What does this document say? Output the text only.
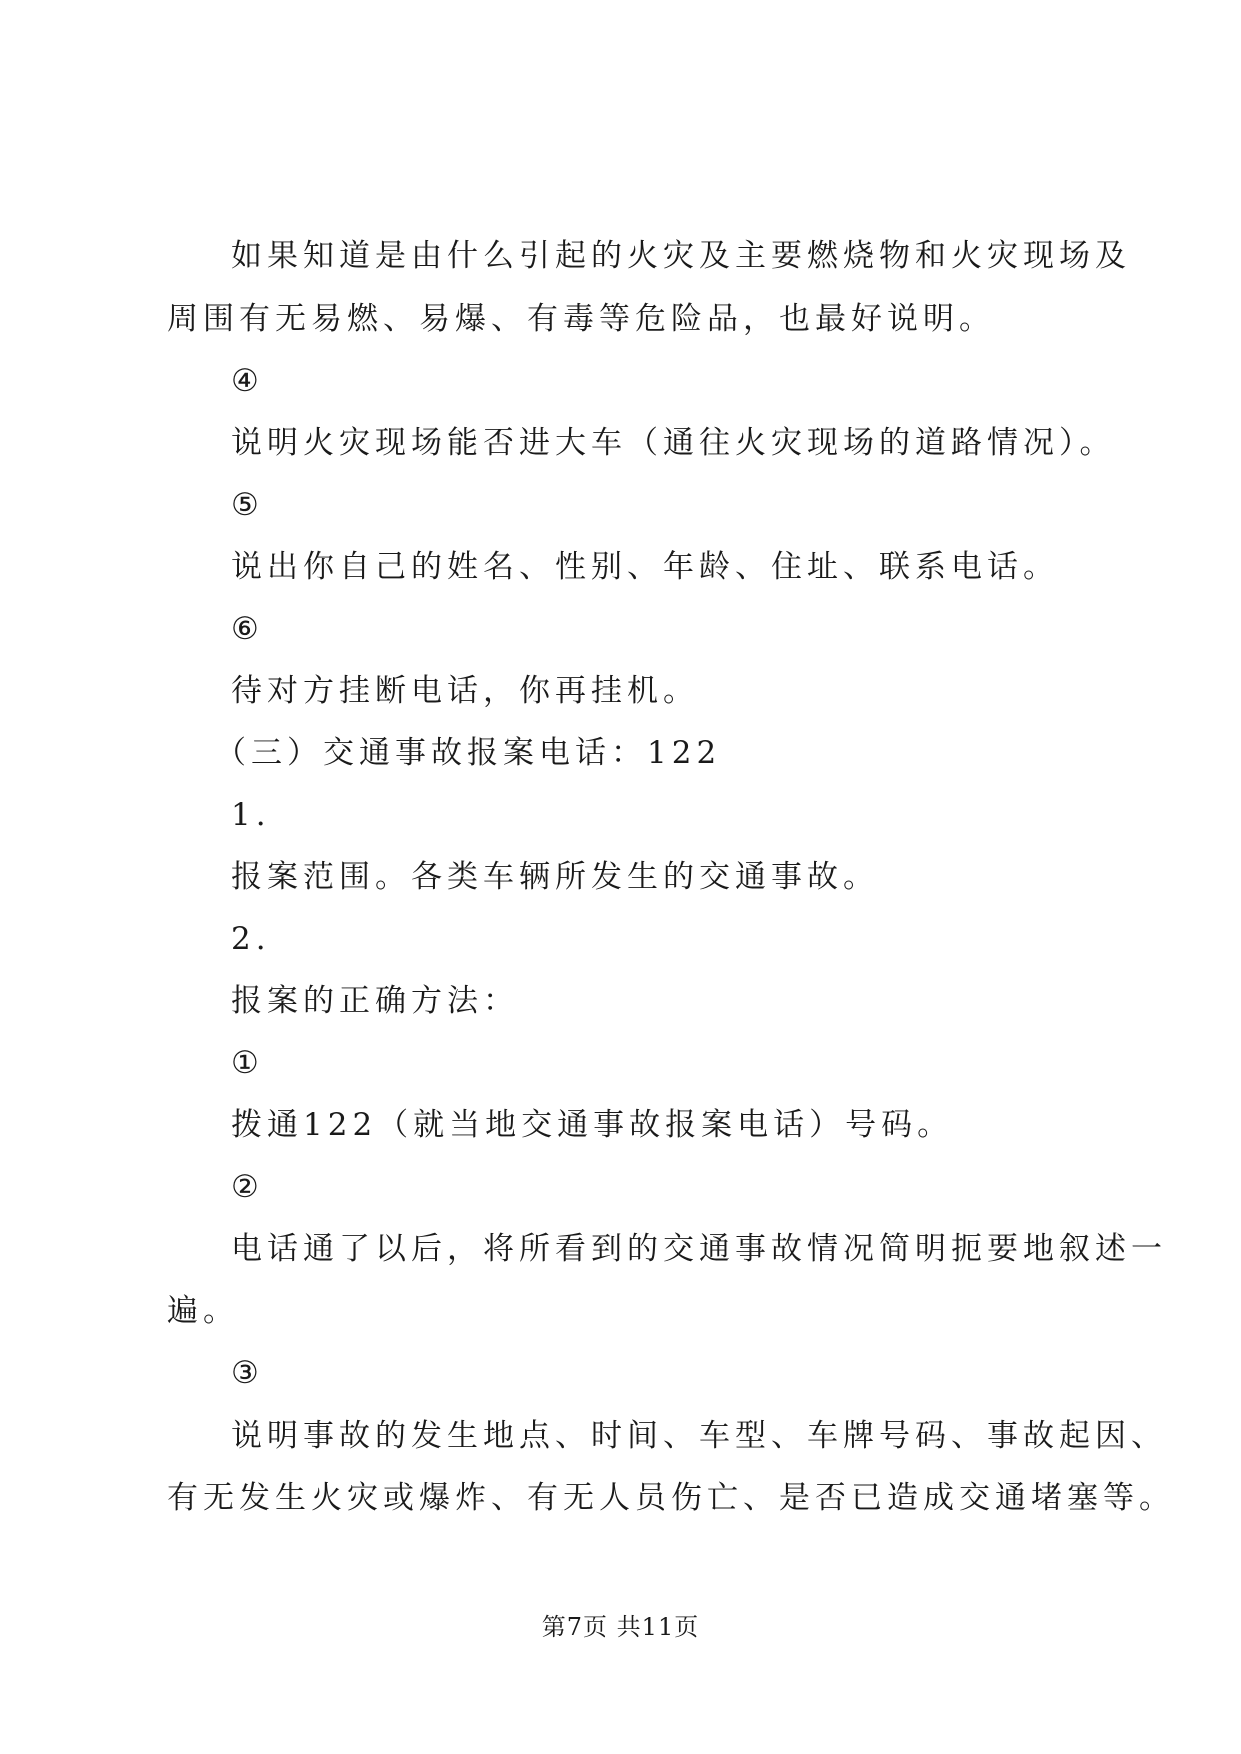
如果知道是由什么引起的火灾及主要燃烧物和火灾现场及
周围有无易燃、易爆、有毒等危险品，也最好说明。
④
说明火灾现场能否进大车（通往火灾现场的道路情况）。
⑤
说出你自己的姓名、性别、年龄、住址、联系电话。
⑥
待对方挂断电话，你再挂机。
（三）交通事故报案电话：122
1.
报案范围。各类车辆所发生的交通事故。
2.
报案的正确方法：
①
拨通122（就当地交通事故报案电话）号码。
②
电话通了以后，将所看到的交通事故情况简明扼要地叙述一
遍。
③
说明事故的发生地点、时间、车型、车牌号码、事故起因、
有无发生火灾或爆炸、有无人员伤亡、是否已造成交通堵塞等。
第7页 共11页
